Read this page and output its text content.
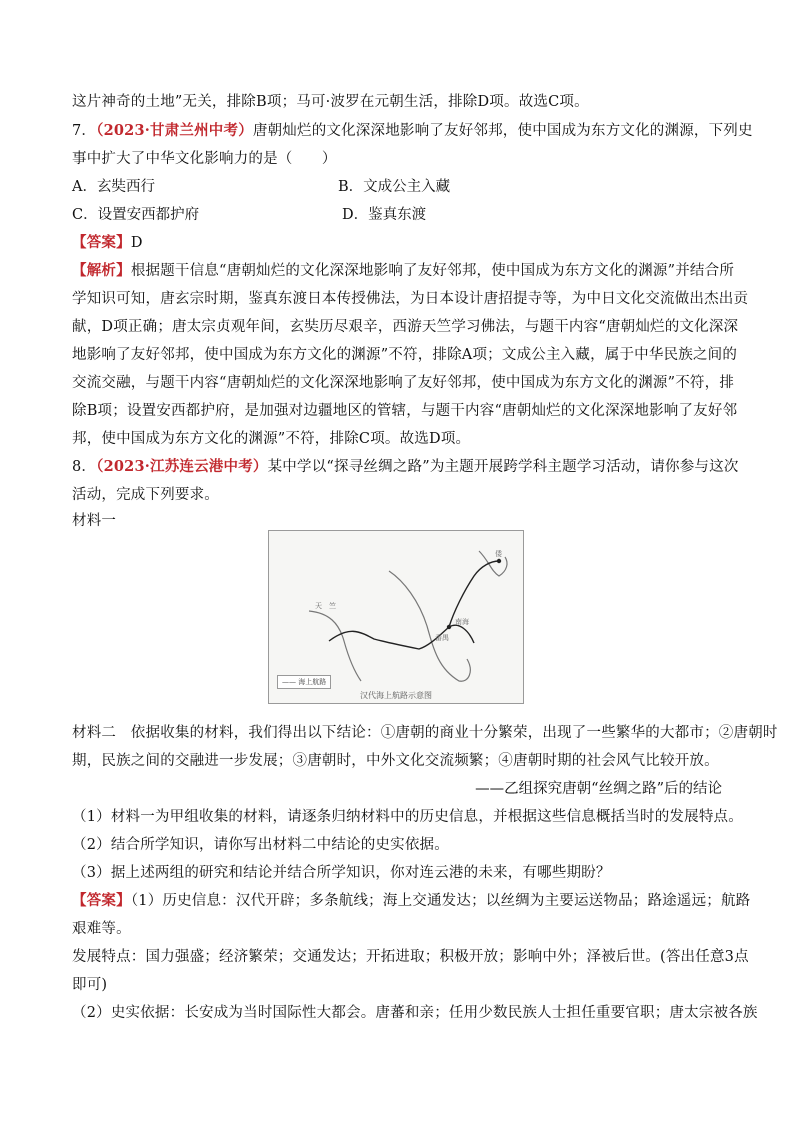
这片神奇的土地”无关，排除B项；马可·波罗在元朝生活，排除D项。故选C项。
7．（2023·甘肃兰州中考）唐朝灿烂的文化深深地影响了友好邻邦，使中国成为东方文化的渊源，下列史
事中扩大了中华文化影响力的是（　　）
A．玄奘西行	B．文成公主入藏
C．设置安西都护府	D．鉴真东渡
【答案】D
【解析】根据题干信息“唐朝灿烂的文化深深地影响了友好邻邦，使中国成为东方文化的渊源”并结合所
学知识可知，唐玄宗时期，鉴真东渡日本传授佛法，为日本设计唐招提寺等，为中日文化交流做出杰出贡
献，D项正确；唐太宗贞观年间，玄奘历尽艰辛，西游天竺学习佛法，与题干内容“唐朝灿烂的文化深深
地影响了友好邻邦，使中国成为东方文化的渊源”不符，排除A项；文成公主入藏，属于中华民族之间的
交流交融，与题干内容“唐朝灿烂的文化深深地影响了友好邻邦，使中国成为东方文化的渊源”不符，排
除B项；设置安西都护府，是加强对边疆地区的管辖，与题干内容“唐朝灿烂的文化深深地影响了友好邻
邦，使中国成为东方文化的渊源”不符，排除C项。故选D项。
8．（2023·江苏连云港中考）某中学以“探寻丝绸之路”为主题开展跨学科主题学习活动，请你参与这次
活动，完成下列要求。
材料一
天　竺
倭
南海
番禺
—— 海上航路
汉代海上航路示意图
材料二　依据收集的材料，我们得出以下结论：①唐朝的商业十分繁荣，出现了一些繁华的大都市；②唐朝时
期，民族之间的交融进一步发展；③唐朝时，中外文化交流频繁；④唐朝时期的社会风气比较开放。
——乙组探究唐朝“丝绸之路”后的结论
（1）材料一为甲组收集的材料，请逐条归纳材料中的历史信息，并根据这些信息概括当时的发展特点。
（2）结合所学知识，请你写出材料二中结论的史实依据。
（3）据上述两组的研究和结论并结合所学知识，你对连云港的未来，有哪些期盼？
【答案】（1）历史信息：汉代开辟；多条航线；海上交通发达；以丝绸为主要运送物品；路途遥远；航路
艰难等。
发展特点：国力强盛；经济繁荣；交通发达；开拓进取；积极开放；影响中外；泽被后世。(答出任意3点
即可)
（2）史实依据：长安成为当时国际性大都会。唐蕃和亲；任用少数民族人士担任重要官职；唐太宗被各族
